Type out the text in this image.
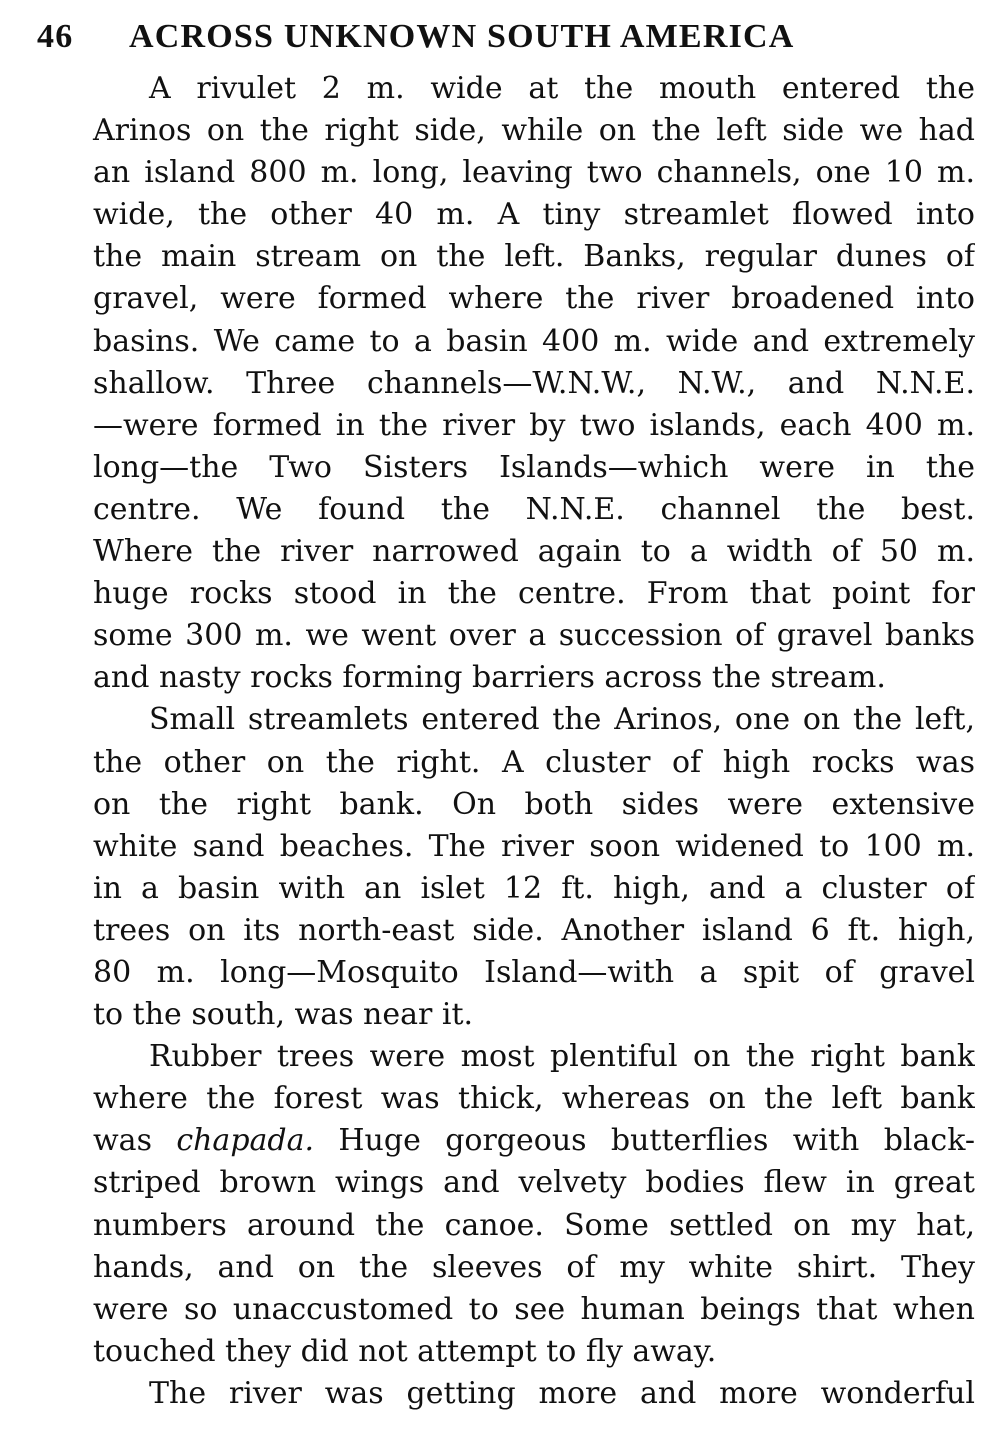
46	ACROSS UNKNOWN SOUTH AMERICA
A rivulet 2 m. wide at the mouth entered the
Arinos on the right side, while on the left side we had
an island 800 m. long, leaving two channels, one 10 m.
wide, the other 40 m. A tiny streamlet flowed into
the main stream on the left. Banks, regular dunes of
gravel, were formed where the river broadened into
basins. We came to a basin 400 m. wide and extremely
shallow. Three channels—W.N.W., N.W., and N.N.E.
—were formed in the river by two islands, each 400 m.
long—the Two Sisters Islands—which were in the
centre. We found the N.N.E. channel the best.
Where the river narrowed again to a width of 50 m.
huge rocks stood in the centre. From that point for
some 300 m. we went over a succession of gravel banks
and nasty rocks forming barriers across the stream.
Small streamlets entered the Arinos, one on the left,
the other on the right. A cluster of high rocks was
on the right bank. On both sides were extensive
white sand beaches. The river soon widened to 100 m.
in a basin with an islet 12 ft. high, and a cluster of
trees on its north-east side. Another island 6 ft. high,
80 m. long—Mosquito Island—with a spit of gravel
to the south, was near it.
Rubber trees were most plentiful on the right bank
where the forest was thick, whereas on the left bank
was chapada. Huge gorgeous butterflies with black-
striped brown wings and velvety bodies flew in great
numbers around the canoe. Some settled on my hat,
hands, and on the sleeves of my white shirt. They
were so unaccustomed to see human beings that when
touched they did not attempt to fly away.
The river was getting more and more wonderful
